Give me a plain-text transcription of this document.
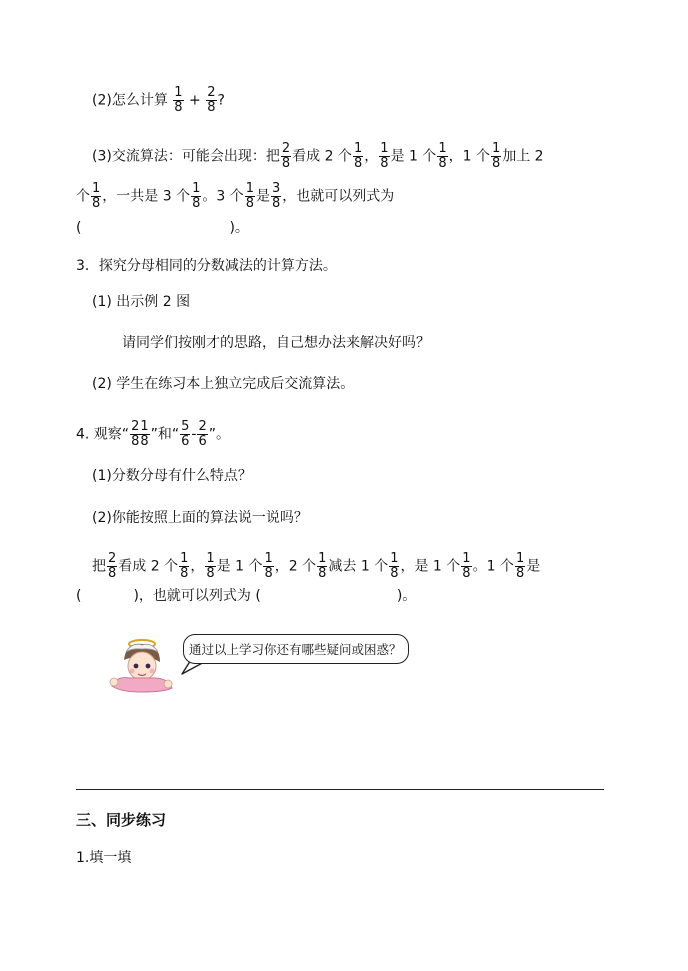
(2)怎么计算 $\frac{1}{8} + \frac{2}{8}$ ?
(3)交流算法：可能会出现：把 $\frac{2}{8}$ 看成 2 个 $\frac{1}{8}$ ， $\frac{1}{8}$ 是 1 个 $\frac{1}{8}$ ，1 个 $\frac{1}{8}$ 加上 2
个 $\frac{1}{8}$ ，一共是 3 个 $\frac{1}{8}$ 。3 个 $\frac{1}{8}$ 是 $\frac{3}{8}$ ，也就可以列式为
(	)。
3．探究分母相同的分数减法的计算方法。
(1) 出示例 2 图
请同学们按刚才的思路，自己想办法来解决好吗？
(2) 学生在练习本上独立完成后交流算法。
4. 观察“ $\frac{2}{8} \frac{1}{8}$ ”和“ $\frac{5}{6} - \frac{2}{6}$ ”。
(1)分数分母有什么特点？
(2)你能按照上面的算法说一说吗？
把 $\frac{2}{8}$ 看成 2 个 $\frac{1}{8}$ ， $\frac{1}{8}$ 是 1 个 $\frac{1}{8}$ ，2 个 $\frac{1}{8}$ 减去 1 个 $\frac{1}{8}$ ，是 1 个 $\frac{1}{8}$ 。1 个 $\frac{1}{8}$ 是
(	)，也就可以列式为 (	)。
通过以上学习你还有哪些疑问或困惑？
三、同步练习
1.填一填
